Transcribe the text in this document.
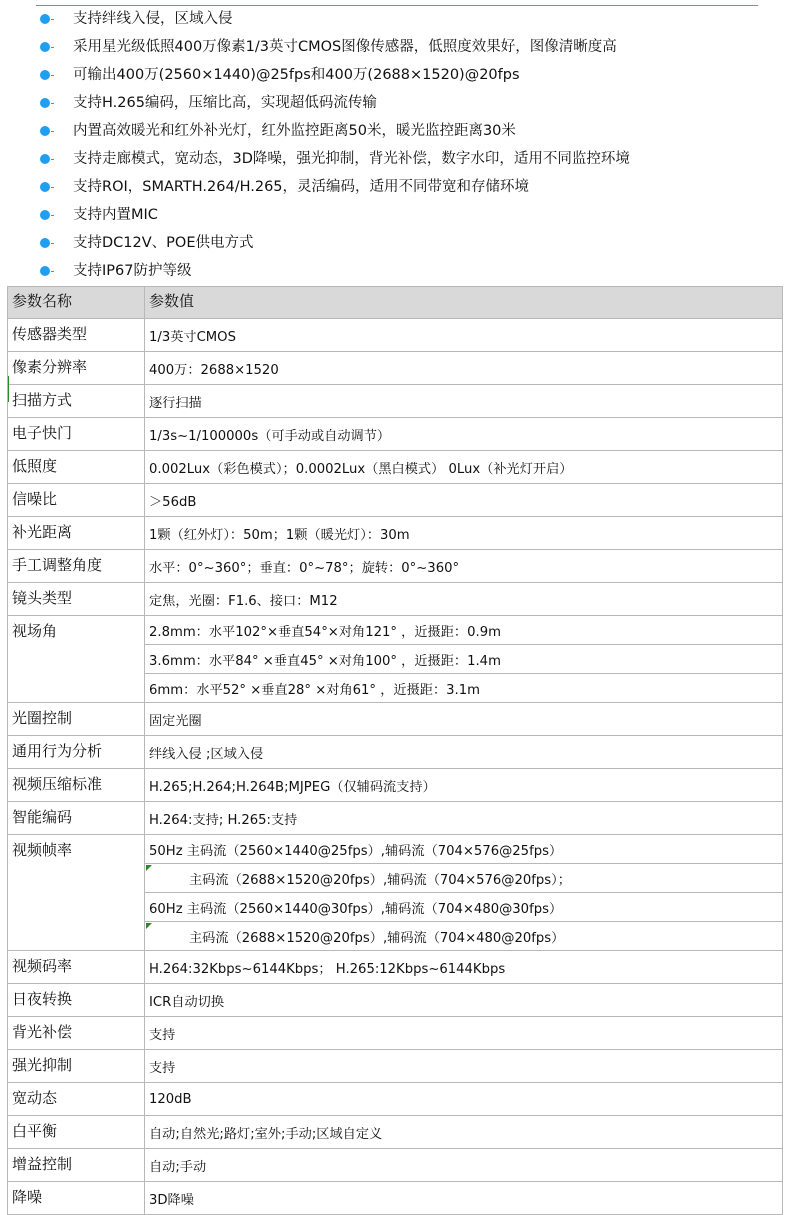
支持绊线入侵，区域入侵
采用星光级低照400万像素1/3英寸CMOS图像传感器，低照度效果好，图像清晰度高
可输出400万(2560×1440)@25fps和400万(2688×1520)@20fps
支持H.265编码，压缩比高，实现超低码流传输
内置高效暖光和红外补光灯，红外监控距离50米，暖光监控距离30米
支持走廊模式，宽动态，3D降噪，强光抑制，背光补偿，数字水印，适用不同监控环境
支持ROI，SMARTH.264/H.265，灵活编码，适用不同带宽和存储环境
支持内置MIC
支持DC12V、POE供电方式
支持IP67防护等级
参数名称	参数值
传感器类型	1/3英寸CMOS
像素分辨率	400万：2688×1520
扫描方式	逐行扫描
电子快门	1/3s~1/100000s（可手动或自动调节）
低照度	0.002Lux（彩色模式）；0.0002Lux（黑白模式） 0Lux（补光灯开启）
信噪比	＞56dB
补光距离	1颗（红外灯）：50m；1颗（暖光灯）：30m
手工调整角度	水平：0°~360°；垂直：0°~78°；旋转：0°~360°
镜头类型	定焦，光圈：F1.6、接口：M12
视场角	2.8mm：水平102°×垂直54°×对角121° ，近摄距：0.9m
	3.6mm：水平84° ×垂直45° ×对角100° ，近摄距：1.4m
	6mm：水平52° ×垂直28° ×对角61° ，近摄距：3.1m
光圈控制	固定光圈
通用行为分析	绊线入侵 ;区域入侵
视频压缩标准	H.265;H.264;H.264B;MJPEG（仅辅码流支持）
智能编码	H.264:支持; H.265:支持
视频帧率	50Hz 主码流（2560×1440@25fps）,辅码流（704×576@25fps）
	主码流（2688×1520@20fps）,辅码流（704×576@20fps）；
	60Hz 主码流（2560×1440@30fps）,辅码流（704×480@30fps）
	主码流（2688×1520@20fps）,辅码流（704×480@20fps）
视频码率	H.264:32Kbps~6144Kbps； H.265:12Kbps~6144Kbps
日夜转换	ICR自动切换
背光补偿	支持
强光抑制	支持
宽动态	120dB
白平衡	自动;自然光;路灯;室外;手动;区域自定义
增益控制	自动;手动
降噪	3D降噪
